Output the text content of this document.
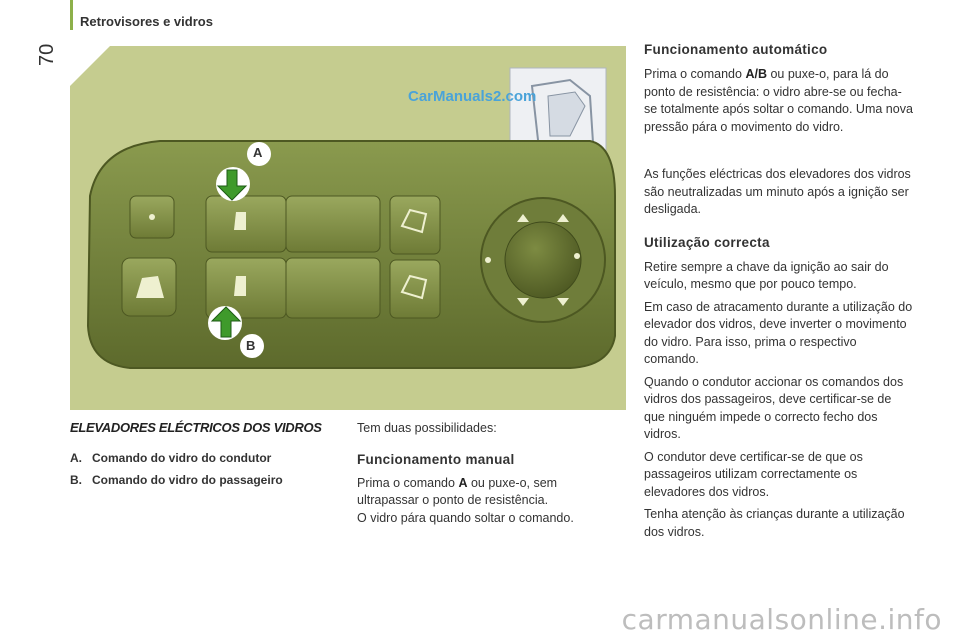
Retrovisores e vidros
70
A
B
CarManuals2.com
ELEVADORES ELÉCTRICOS DOS VIDROS
A. Comando do vidro do condutor
B. Comando do vidro do passageiro
Tem duas possibilidades:
Funcionamento manual
Prima o comando A ou puxe-o, sem ultrapassar o ponto de resistência.
O vidro pára quando soltar o comando.
Funcionamento automático
Prima o comando A/B ou puxe-o, para lá do ponto de resistência: o vidro abre-se ou fecha-se totalmente após soltar o comando. Uma nova pressão pára o movimento do vidro.
As funções eléctricas dos elevadores dos vidros são neutralizadas um minuto após a ignição ser desligada.
Utilização correcta
Retire sempre a chave da ignição ao sair do veículo, mesmo que por pouco tempo.
Em caso de atracamento durante a utilização do elevador dos vidros, deve inverter o movimento do vidro. Para isso, prima o respectivo comando.
Quando o condutor accionar os comandos dos vidros dos passageiros, deve certificar-se de que ninguém impede o correcto fecho dos vidros.
O condutor deve certificar-se de que os passageiros utilizam correctamente os elevadores dos vidros.
Tenha atenção às crianças durante a utilização dos vidros.
carmanualsonline.info
